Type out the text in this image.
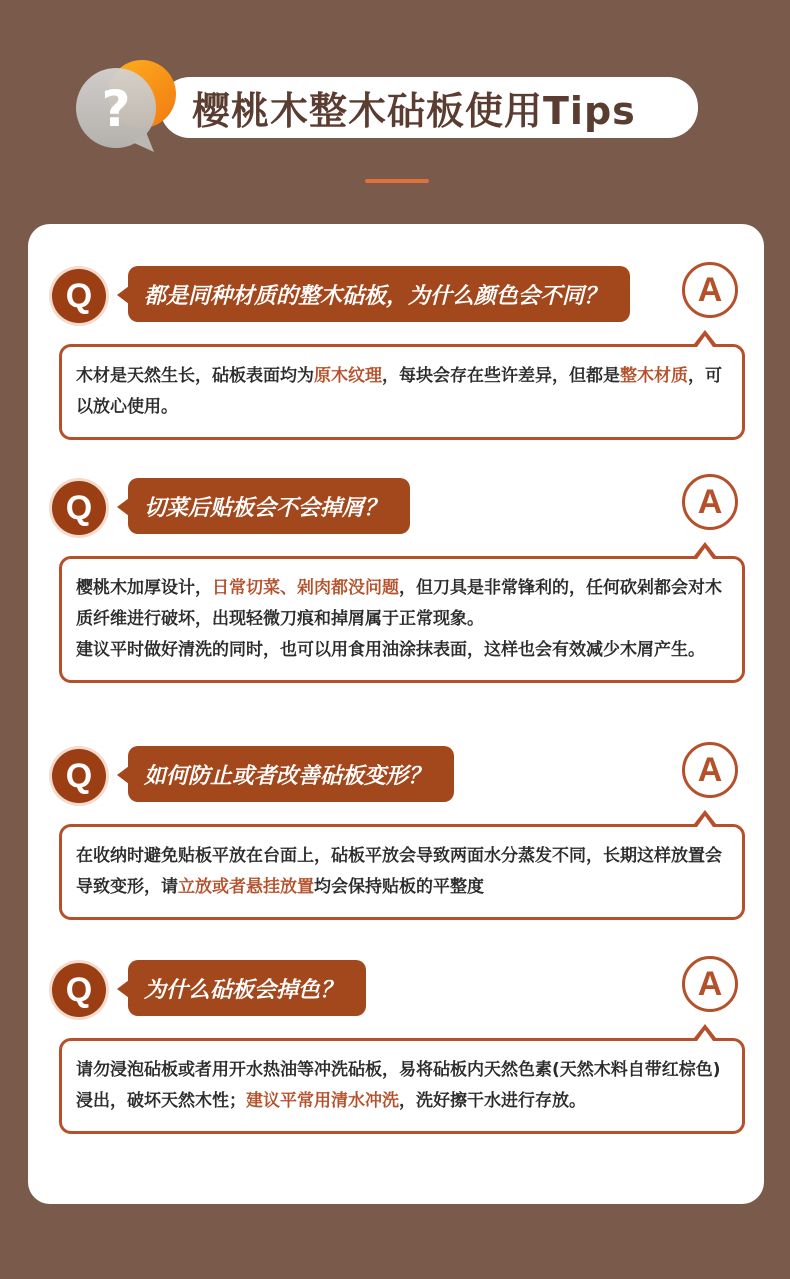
樱桃木整木砧板使用Tips
?
Q	都是同种材质的整木砧板，为什么颜色会不同？	A
木材是天然生长，砧板表面均为原木纹理，每块会存在些许差异，但都是整木材质，可以放心使用。
Q	切菜后贴板会不会掉屑？	A
樱桃木加厚设计，日常切菜、剁肉都没问题，但刀具是非常锋利的，任何砍剁都会对木质纤维进行破坏，出现轻微刀痕和掉屑属于正常现象。
建议平时做好清洗的同时，也可以用食用油涂抹表面，这样也会有效减少木屑产生。
Q	如何防止或者改善砧板变形？	A
在收纳时避免贴板平放在台面上，砧板平放会导致两面水分蒸发不同，长期这样放置会导致变形，请立放或者悬挂放置均会保持贴板的平整度
Q	为什么砧板会掉色？	A
请勿浸泡砧板或者用开水热油等冲洗砧板，易将砧板内天然色素(天然木料自带红棕色)浸出，破坏天然木性；建议平常用清水冲洗，洗好擦干水进行存放。
